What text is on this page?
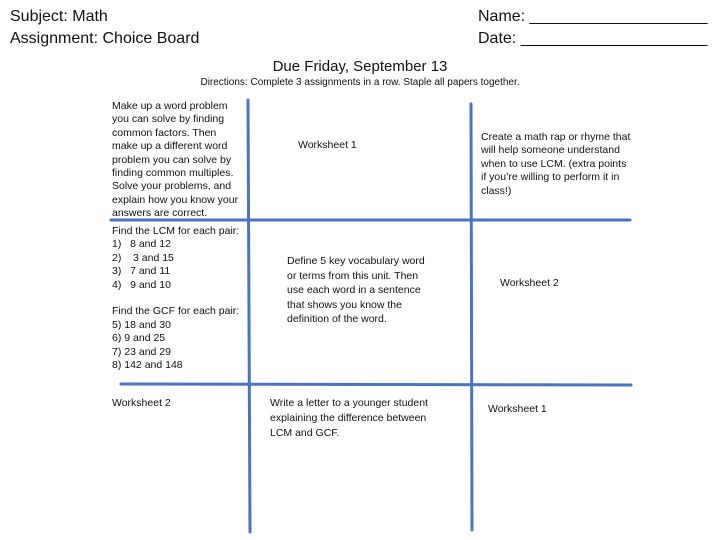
Subject: Math
Assignment: Choice Board
Name: ____________________
Date: _____________________
Due Friday, September 13
Directions: Complete 3 assignments in a row. Staple all papers together.
Make up a word problem you can solve by finding common factors. Then make up a different word problem you can solve by finding common multiples. Solve your problems, and explain how you know your answers are correct.
Worksheet 1
Create a math rap or rhyme that will help someone understand when to use LCM. (extra points if you’re willing to perform it in class!)
Find the LCM for each pair:
1)   8 and 12
2)    3 and 15
3)   7 and 11
4)   9 and 10
Find the GCF for each pair:
5) 18 and 30
6) 9 and 25
7) 23 and 29
8) 142 and 148
Define 5 key vocabulary word or terms from this unit. Then use each word in a sentence that shows you know the definition of the word.
Worksheet 2
Worksheet 2	Write a letter to a younger student explaining the difference between LCM and GCF.
Worksheet 1
